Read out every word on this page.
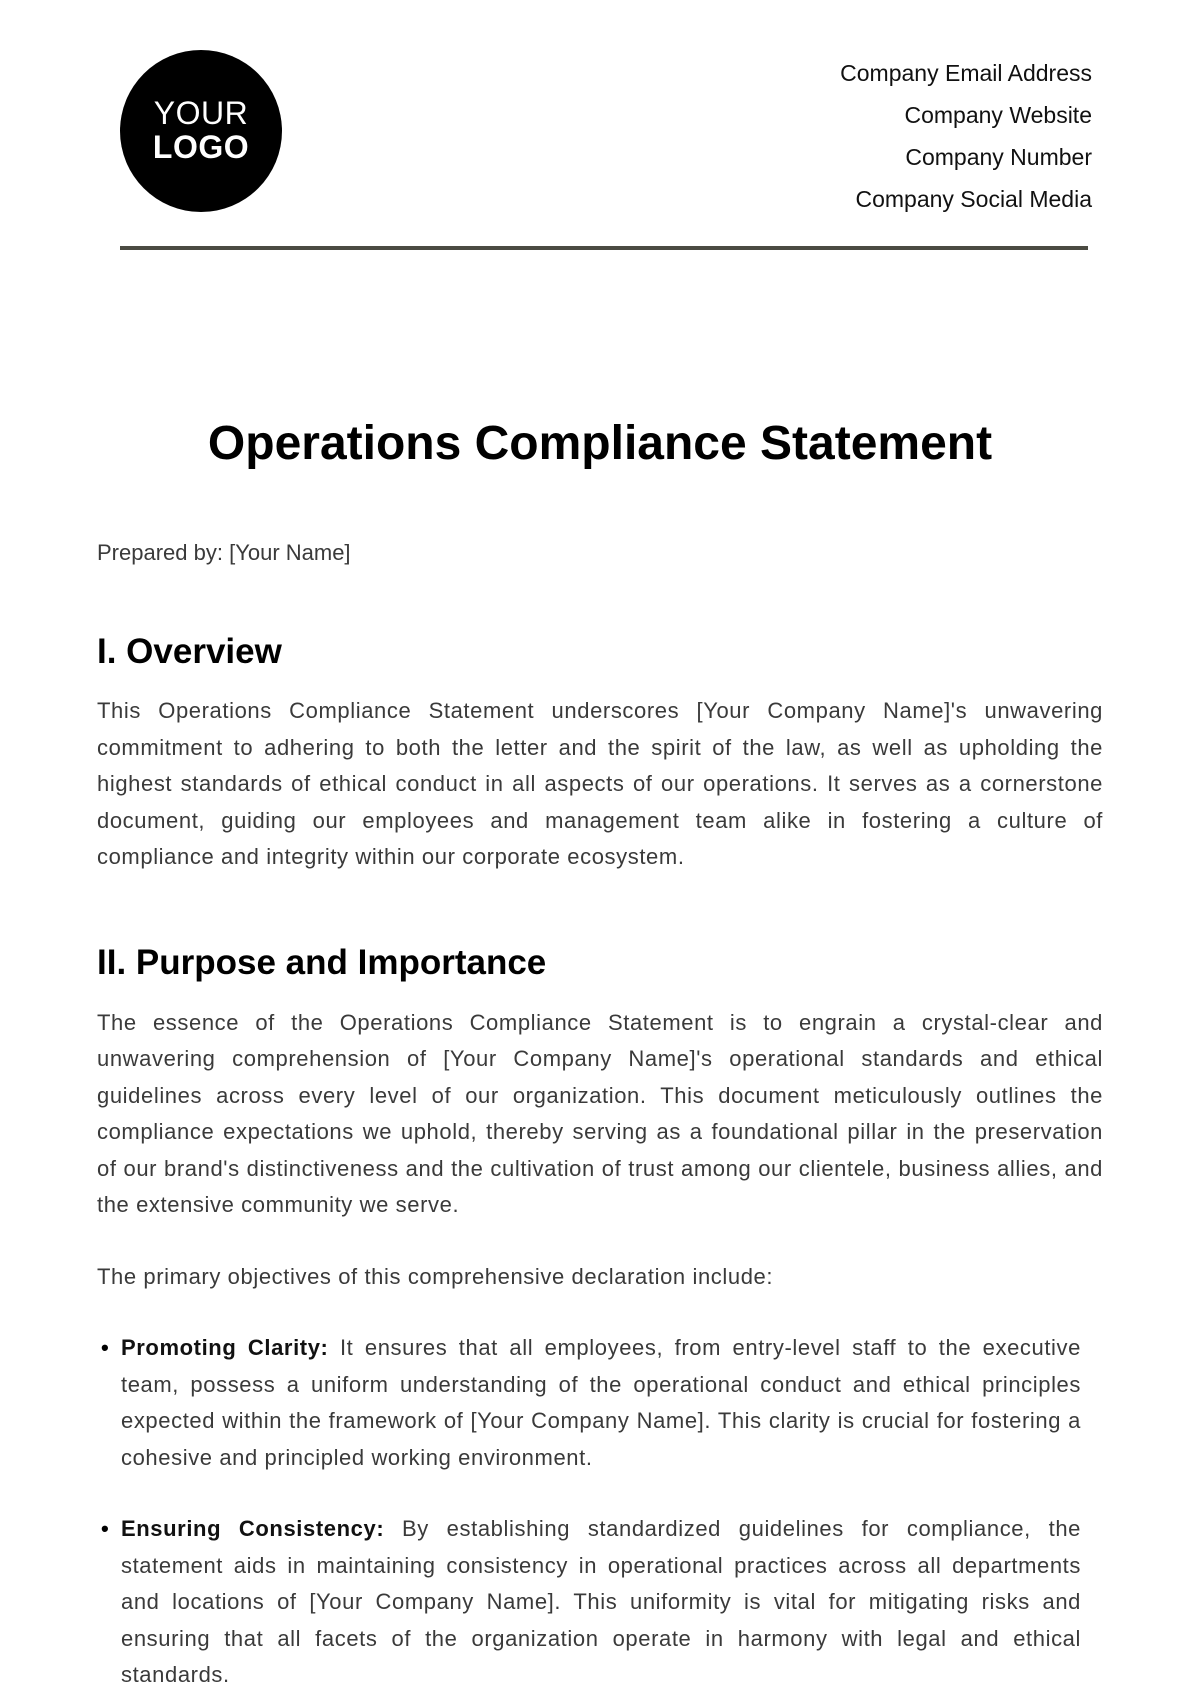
YOUR
LOGO
Company Email Address
Company Website
Company Number
Company Social Media
Operations Compliance Statement

Prepared by: [Your Name]

I. Overview

This Operations Compliance Statement underscores [Your Company Name]'s unwavering commitment to adhering to both the letter and the spirit of the law, as well as upholding the highest standards of ethical conduct in all aspects of our operations. It serves as a cornerstone document, guiding our employees and management team alike in fostering a culture of compliance and integrity within our corporate ecosystem.

II. Purpose and Importance

The essence of the Operations Compliance Statement is to engrain a crystal-clear and unwavering comprehension of [Your Company Name]'s operational standards and ethical guidelines across every level of our organization. This document meticulously outlines the compliance expectations we uphold, thereby serving as a foundational pillar in the preservation of our brand's distinctiveness and the cultivation of trust among our clientele, business allies, and the extensive community we serve.

The primary objectives of this comprehensive declaration include:

• Promoting Clarity: It ensures that all employees, from entry-level staff to the executive team, possess a uniform understanding of the operational conduct and ethical principles expected within the framework of [Your Company Name]. This clarity is crucial for fostering a cohesive and principled working environment.
• Ensuring Consistency: By establishing standardized guidelines for compliance, the statement aids in maintaining consistency in operational practices across all departments and locations of [Your Company Name]. This uniformity is vital for mitigating risks and ensuring that all facets of the organization operate in harmony with legal and ethical standards.
